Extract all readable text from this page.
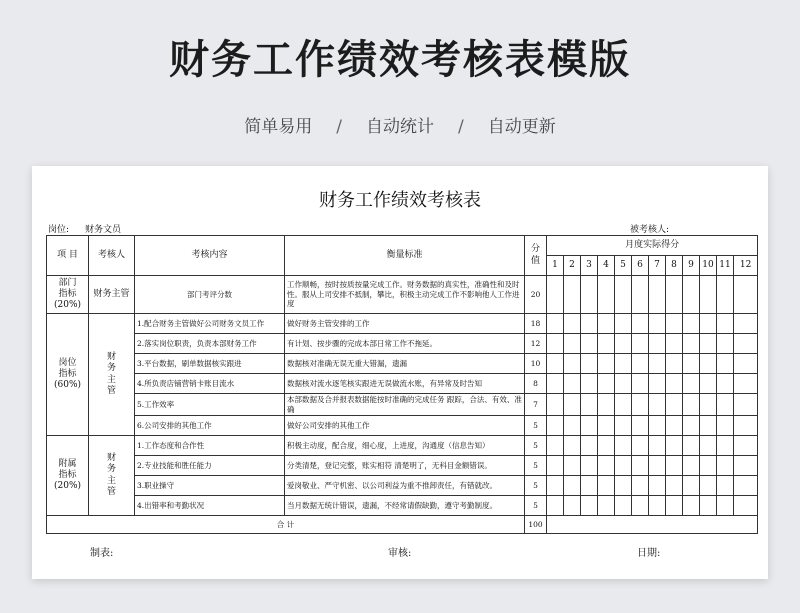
财务工作绩效考核表模版
简单易用 / 自动统计 / 自动更新
财务工作绩效考核表
岗位: 财务文员	被考核人:
项 目	考核人	考核内容	衡量标准	分值	月度实际得分											
					1	2	3	4	5	6	7	8	9	10	11	12

部门
指标
(20%)	财务主管	部门考评分数	工作顺畅，按时按质按量完成工作。财务数据的真实性，准确性和及时性。服从上司安排不抵制，攀比，积极主动完成工作不影响他人工作进度	20												

岗位
指标
(60%)	财
务
主
管	1.配合财务主管做好公司财务文员工作	做好财务主管安排的工作	18												
		2.落实岗位职责，负责本部财务工作	有计划、按步骤的完成本部日常工作不拖延。	12												
		3.平台数据，刷单数据核实跟进	数据核对准确无误无重大错漏，遗漏	10												
		4.所负责店铺营销卡账目流水	数据核对流水逐笔核实跟进无误做流水账，有异常及时告知	8												
		5.工作效率	本部数据及合并报表数据能按时准确的完成任务 跟踪，合法、有效、准确	7												
		6.公司安排的其他工作	做好公司安排的其他工作	5												

附属
指标
(20%)	财
务
主
管	1.工作态度和合作性	积极主动度，配合度，细心度，上进度，沟通度（信息告知）	5												
		2.专业技能和胜任能力	分类清楚，登记完整，账实相符 清楚明了，无科目金额错误。	5												
		3.职业操守	爱岗敬业、严守机密、以公司利益为重不推卸责任，有错就改。	5												
		4.出错率和考勤状况	当月数据无统计错误，遗漏，不经常请假缺勤，遵守考勤制度。	5												
合 计				100												
制表:	审核:	日期:
